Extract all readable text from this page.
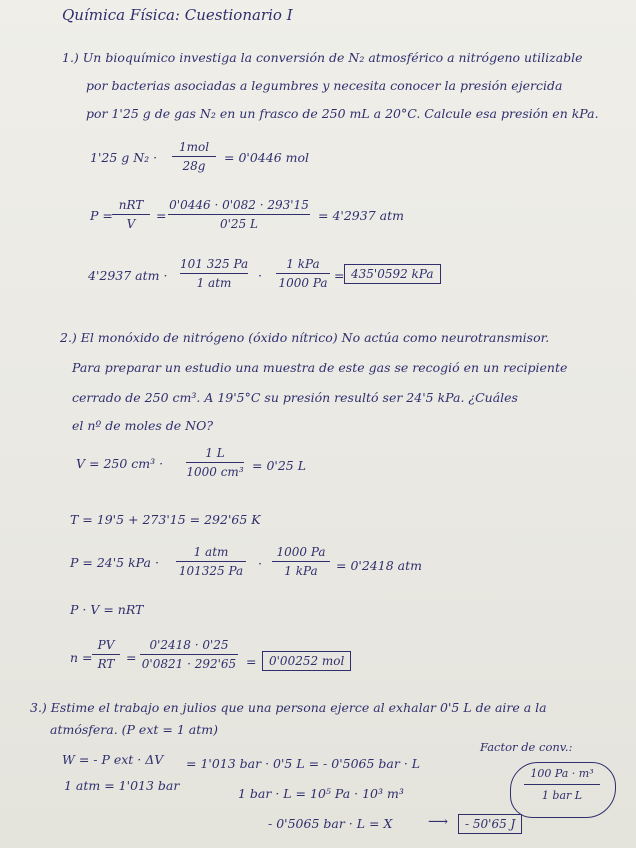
Química Física: Cuestionario I
1.) Un bioquímico investiga la conversión de N₂ atmosférico a nitrógeno utilizable
por bacterias asociadas a legumbres y necesita conocer la presión ejercida
por 1'25 g de gas N₂ en un frasco de 250 mL a 20°C. Calcule esa presión en kPa.
1'25 g N₂ ·
1mol
28g
= 0'0446 mol
P =
nRT
V
=
0'0446 · 0'082 · 293'15
0'25 L
= 4'2937 atm
4'2937 atm ·
101 325 Pa
1 atm	·
1 kPa
1000 Pa = 435'0592 kPa
2.) El monóxido de nitrógeno (óxido nítrico) No actúa como neurotransmisor.
Para preparar un estudio una muestra de este gas se recogió en un recipiente
cerrado de 250 cm³. A 19'5°C su presión resultó ser 24'5 kPa. ¿Cuáles
el nº de moles de NO?
V = 250 cm³ ·
1 L
1000 cm³ = 0'25 L
T = 19'5 + 273'15 = 292'65 K
P = 24'5 kPa ·
1 atm
101325 Pa ·
1000 Pa
1 kPa	= 0'2418 atm
P · V = nRT
n =
PV
RT =
0'2418 · 0'25
0'0821 · 292'65 =	0'00252 mol
3.) Estime el trabajo en julios que una persona ejerce al exhalar 0'5 L de aire a la
atmósfera. (P ext = 1 atm)
Factor de conv.:
W = - P ext · ΔV = 1'013 bar · 0'5 L = - 0'5065 bar · L
1 atm = 1'013 bar
1 bar · L = 10⁵ Pa · 10³ m³
- 0'5065 bar · L = X	⟶	- 50'65 J
100 Pa · m³
1 bar L
